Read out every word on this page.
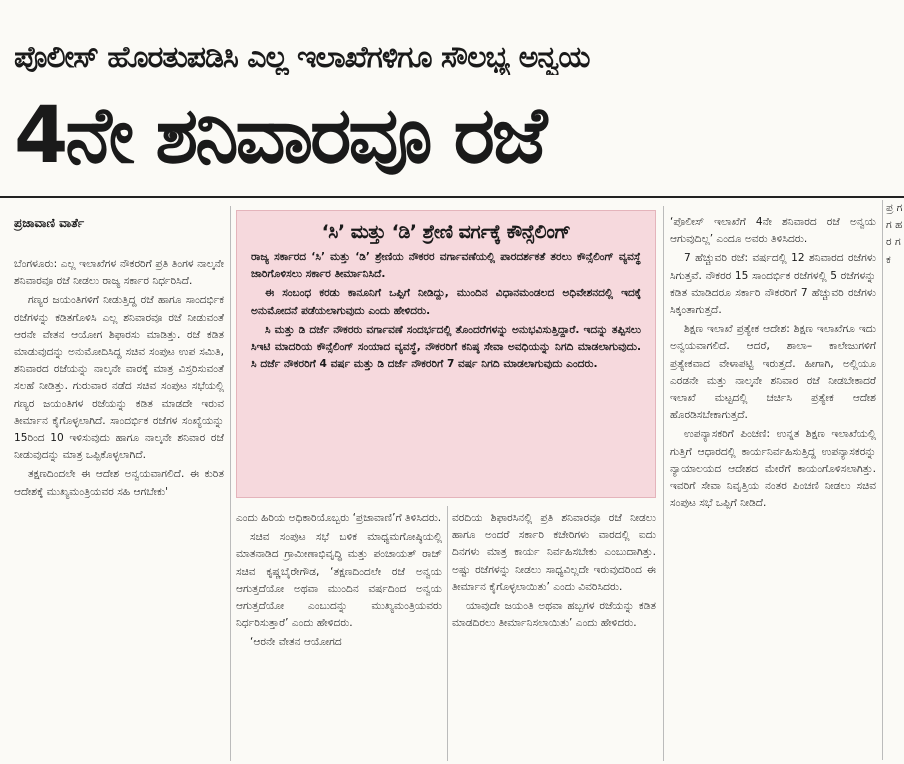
ಪೊಲೀಸ್ ಹೊರತುಪಡಿಸಿ ಎಲ್ಲ ಇಲಾಖೆಗಳಿಗೂ ಸೌಲಭ್ಯ ಅನ್ವಯ
4ನೇ ಶನಿವಾರವೂ ರಜೆ
ಪ್ರಜಾವಾಣಿ ವಾರ್ತೆ

ಬೆಂಗಳೂರು: ಎಲ್ಲ ಇಲಾಖೆಗಳ ನೌಕರರಿಗೆ ಪ್ರತಿ ತಿಂಗಳ ನಾಲ್ಕನೇ ಶನಿವಾರವೂ ರಜೆ ನೀಡಲು ರಾಜ್ಯ ಸರ್ಕಾರ ನಿರ್ಧರಿಸಿದೆ.

ಗಣ್ಯರ ಜಯಂತಿಗಳಿಗೆ ನೀಡುತ್ತಿದ್ದ ರಜೆ ಹಾಗೂ ಸಾಂದರ್ಭಿಕ ರಜೆಗಳನ್ನು ಕಡಿತಗೊಳಿಸಿ ಎಲ್ಲ ಶನಿವಾರವೂ ರಜೆ ನೀಡುವಂತೆ ಆರನೇ ವೇತನ ಆಯೋಗ ಶಿಫಾರಸು ಮಾಡಿತ್ತು. ರಜೆ ಕಡಿತ ಮಾಡುವುದನ್ನು ಅನುಮೋದಿಸಿದ್ದ ಸಚಿವ ಸಂಪುಟ ಉಪ ಸಮಿತಿ, ಶನಿವಾರದ ರಜೆಯನ್ನು ನಾಲ್ಕನೇ ವಾರಕ್ಕೆ ಮಾತ್ರ ವಿಸ್ತರಿಸುವಂತೆ ಸಲಹೆ ನೀಡಿತ್ತು. ಗುರುವಾರ ನಡೆದ ಸಚಿವ ಸಂಪುಟ ಸಭೆಯಲ್ಲಿ ಗಣ್ಯರ ಜಯಂತಿಗಳ ರಜೆಯನ್ನು ಕಡಿತ ಮಾಡದೇ ಇರುವ ತೀರ್ಮಾನ ಕೈಗೊಳ್ಳಲಾಗಿದೆ. ಸಾಂದರ್ಭಿಕ ರಜೆಗಳ ಸಂಖ್ಯೆಯನ್ನು 15ರಿಂದ 10 ಇಳಿಸುವುದು ಹಾಗೂ ನಾಲ್ಕನೇ ಶನಿವಾರ ರಜೆ ನೀಡುವುದನ್ನು ಮಾತ್ರ ಒಪ್ಪಿಕೊಳ್ಳಲಾಗಿದೆ.

ತಕ್ಷಣದಿಂದಲೇ ಈ ಆದೇಶ ಅನ್ವಯವಾಗಲಿದೆ. ಈ ಕುರಿತ ಆದೇಶಕ್ಕೆ ಮುಖ್ಯಮಂತ್ರಿಯವರ ಸಹಿ ಆಗಬೇಕು'

‘ಸಿ’ ಮತ್ತು ‘ಡಿ’ ಶ್ರೇಣಿ ವರ್ಗಕ್ಕೆ ಕೌನ್ಸೆಲಿಂಗ್

ರಾಜ್ಯ ಸರ್ಕಾರದ ‘ಸಿ’ ಮತ್ತು ‘ಡಿ’ ಶ್ರೇಣಿಯ ನೌಕರರ ವರ್ಗಾವಣೆಯಲ್ಲಿ ಪಾರದರ್ಶಕತೆ ತರಲು ಕೌನ್ಸೆಲಿಂಗ್ ವ್ಯವಸ್ಥೆ ಜಾರಿಗೊಳಿಸಲು ಸರ್ಕಾರ ತೀರ್ಮಾನಿಸಿದೆ.

ಈ ಸಂಬಂಧ ಕರಡು ಕಾನೂನಿಗೆ ಒಪ್ಪಿಗೆ ನೀಡಿದ್ದು, ಮುಂದಿನ ವಿಧಾನಮಂಡಲದ ಅಧಿವೇಶನದಲ್ಲಿ ಇದಕ್ಕೆ ಅನುಮೋದನೆ ಪಡೆಯಲಾಗುವುದು ಎಂದು ಹೇಳಿದರು.

ಸಿ ಮತ್ತು ಡಿ ದರ್ಜೆ ನೌಕರರು ವರ್ಗಾವಣೆ ಸಂದರ್ಭದಲ್ಲಿ ತೊಂದರೆಗಳನ್ನು ಅನುಭವಿಸುತ್ತಿದ್ದಾರೆ. ಇದನ್ನು ತಪ್ಪಿಸಲು ಸಿಇಟಿ ಮಾದರಿಯ ಕೌನ್ಸೆಲಿಂಗ್ ಸಂಯಾದ ವ್ಯವಸ್ಥೆ, ನೌಕರರಿಗೆ ಕನಿಷ್ಠ ಸೇವಾ ಅವಧಿಯನ್ನು ನಿಗದಿ ಮಾಡಲಾಗುವುದು. ಸಿ ದರ್ಜೆ ನೌಕರರಿಗೆ 4 ವರ್ಷ ಮತ್ತು ಡಿ ದರ್ಜೆ ನೌಕರರಿಗೆ 7 ವರ್ಷ ನಿಗದಿ ಮಾಡಲಾಗುವುದು ಎಂದರು.

ಎಂದು ಹಿರಿಯ ಅಧಿಕಾರಿಯೊಬ್ಬರು ‘ಪ್ರಜಾವಾಣಿ’ಗೆ ತಿಳಿಸಿದರು.

ಸಚಿವ ಸಂಪುಟ ಸಭೆ ಬಳಿಕ ಮಾಧ್ಯಮಗೋಷ್ಠಿಯಲ್ಲಿ ಮಾತನಾಡಿದ ಗ್ರಾಮೀಣಾಭಿವೃದ್ಧಿ ಮತ್ತು ಪಂಚಾಯತ್ ರಾಜ್ ಸಚಿವ ಕೃಷ್ಣಬೈರೇಗೌಡ, ‘ತಕ್ಷಣದಿಂದಲೇ ರಜೆ ಅನ್ವಯ ಆಗುತ್ತದೆಯೋ ಅಥವಾ ಮುಂದಿನ ವರ್ಷದಿಂದ ಅನ್ವಯ ಆಗುತ್ತದೆಯೋ ಎಂಬುದನ್ನು ಮುಖ್ಯಮಂತ್ರಿಯವರು ನಿರ್ಧರಿಸುತ್ತಾರೆ’ ಎಂದು ಹೇಳಿದರು.

‘ಆರನೇ ವೇತನ ಆಯೋಗದ

ವರದಿಯ ಶಿಫಾರಸಿನಲ್ಲಿ ಪ್ರತಿ ಶನಿವಾರವೂ ರಜೆ ನೀಡಲು ಹಾಗೂ ಅಂದರೆ ಸರ್ಕಾರಿ ಕಚೇರಿಗಳು ವಾರದಲ್ಲಿ ಐದು ದಿನಗಳು ಮಾತ್ರ ಕಾರ್ಯ ನಿರ್ವಹಿಸಬೇಕು ಎಂಬುದಾಗಿತ್ತು. ಅಷ್ಟು ರಜೆಗಳನ್ನು ನೀಡಲು ಸಾಧ್ಯವಿಲ್ಲದೇ ಇರುವುದರಿಂದ ಈ ತೀರ್ಮಾನ ಕೈಗೊಳ್ಳಲಾಯಿತು’ ಎಂದು ವಿವರಿಸಿದರು.

ಯಾವುದೇ ಜಯಂತಿ ಅಥವಾ ಹಬ್ಬಗಳ ರಜೆಯನ್ನು ಕಡಿತ ಮಾಡದಿರಲು ತೀರ್ಮಾನಿಸಲಾಯಿತು’ ಎಂದು ಹೇಳಿದರು.

‘ಪೊಲೀಸ್ ಇಲಾಖೆಗೆ 4ನೇ ಶನಿವಾರದ ರಜೆ ಅನ್ವಯ ಆಗುವುದಿಲ್ಲ’ ಎಂದೂ ಅವರು ತಿಳಿಸಿದರು.

7 ಹೆಚ್ಚುವರಿ ರಜೆ: ವರ್ಷದಲ್ಲಿ 12 ಶನಿವಾರದ ರಜೆಗಳು ಸಿಗುತ್ತವೆ. ನೌಕರರ 15 ಸಾಂದರ್ಭಿಕ ರಜೆಗಳಲ್ಲಿ 5 ರಜೆಗಳನ್ನು ಕಡಿತ ಮಾಡಿದರೂ ಸರ್ಕಾರಿ ನೌಕರರಿಗೆ 7 ಹೆಚ್ಚುವರಿ ರಜೆಗಳು ಸಿಕ್ಕಂತಾಗುತ್ತದೆ.

ಶಿಕ್ಷಣ ಇಲಾಖೆ ಪ್ರತ್ಯೇಕ ಆದೇಶ: ಶಿಕ್ಷಣ ಇಲಾಖೆಗೂ ಇದು ಅನ್ವಯವಾಗಲಿದೆ. ಆದರೆ, ಶಾಲಾ– ಕಾಲೇಜುಗಳಿಗೆ ಪ್ರತ್ಯೇಕವಾದ ವೇಳಾಪಟ್ಟಿ ಇರುತ್ತದೆ. ಹೀಗಾಗಿ, ಅಲ್ಲಿಯೂ ಎರಡನೇ ಮತ್ತು ನಾಲ್ಕನೇ ಶನಿವಾರ ರಜೆ ನೀಡಬೇಕಾದರೆ ಇಲಾಖೆ ಮಟ್ಟದಲ್ಲಿ ಚರ್ಚಿಸಿ ಪ್ರತ್ಯೇಕ ಆದೇಶ ಹೊರಡಿಸಬೇಕಾಗುತ್ತದೆ.

ಉಪನ್ಯಾಸಕರಿಗೆ ಪಿಂಚಣಿ: ಉನ್ನತ ಶಿಕ್ಷಣ ಇಲಾಖೆಯಲ್ಲಿ ಗುತ್ತಿಗೆ ಆಧಾರದಲ್ಲಿ ಕಾರ್ಯನಿರ್ವಹಿಸುತ್ತಿದ್ದ ಉಪನ್ಯಾಸಕರನ್ನು ನ್ಯಾಯಾಲಯದ ಆದೇಶದ ಮೇರೆಗೆ ಕಾಯಂಗೊಳಿಸಲಾಗಿತ್ತು. ಇವರಿಗೆ ಸೇವಾ ನಿವೃತ್ತಿಯ ನಂತರ ಪಿಂಚಣಿ ನೀಡಲು ಸಚಿವ ಸಂಪುಟ ಸಭೆ ಒಪ್ಪಿಗೆ ನೀಡಿದೆ.

ಪ್ರ ಗ ಗ ಹ ರ ಗ ಕ
